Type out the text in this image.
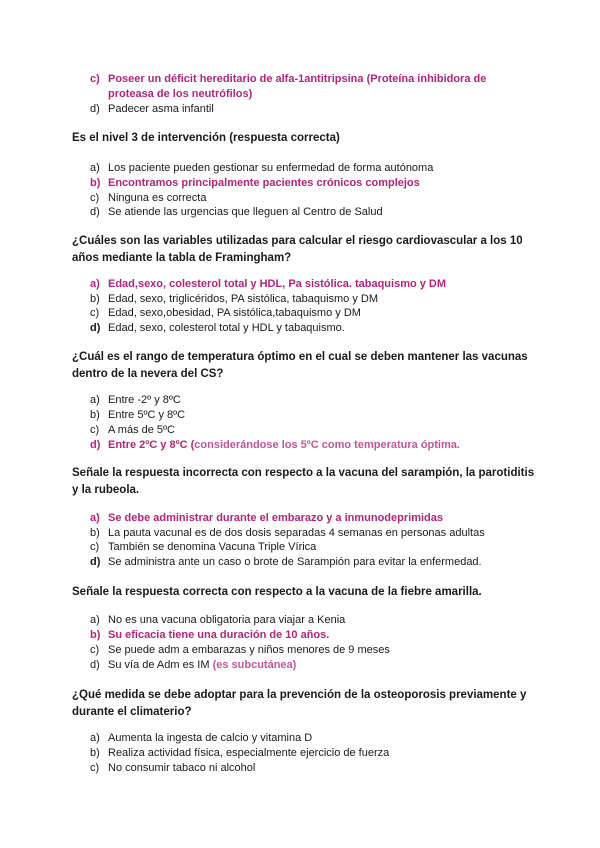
c) Poseer un déficit hereditario de alfa-1antitripsina (Proteína inhibidora de proteasa de los neutrófilos)
d) Padecer asma infantil

Es el nivel 3 de intervención (respuesta correcta)

a) Los paciente pueden gestionar su enfermedad de forma autónoma
b) Encontramos principalmente pacientes crónicos complejos
c) Ninguna es correcta
d) Se atiende las urgencias que lleguen al Centro de Salud

¿Cuáles son las variables utilizadas para calcular el riesgo cardiovascular a los 10 años mediante la tabla de Framingham?

a) Edad,sexo, colesterol total y HDL, Pa sistólica. tabaquismo y DM
b) Edad, sexo, triglicéridos, PA sistólica, tabaquismo y DM
c) Edad, sexo,obesidad, PA sistólica,tabaquismo y DM
d) Edad, sexo, colesterol total y HDL y tabaquismo.

¿Cuál es el rango de temperatura óptimo en el cual se deben mantener las vacunas dentro de la nevera del CS?

a) Entre -2º y 8ºC
b) Entre 5ºC y 8ºC
c) A más de 5ºC
d) Entre 2ºC y 8ºC (considerándose los 5ºC como temperatura óptima.

Señale la respuesta incorrecta con respecto a la vacuna del sarampión, la parotiditis y la rubeola.

a) Se debe administrar durante el embarazo y a inmunodeprimidas
b) La pauta vacunal es de dos dosis separadas 4 semanas en personas adultas
c) También se denomina Vacuna Triple Vírica
d) Se administra ante un caso o brote de Sarampión para evitar la enfermedad.

Señale la respuesta correcta con respecto a la vacuna de la fiebre amarilla.

a) No es una vacuna obligatoria para viajar a Kenia
b) Su eficacia tiene una duración de 10 años.
c) Se puede adm a embarazas y niños menores de 9 meses
d) Su vía de Adm es IM (es subcutánea)

¿Qué medida se debe adoptar para la prevención de la osteoporosis previamente y durante el climaterio?

a) Aumenta la ingesta de calcio y vitamina D
b) Realiza actividad física, especialmente ejercicio de fuerza
c) No consumir tabaco ni alcohol
